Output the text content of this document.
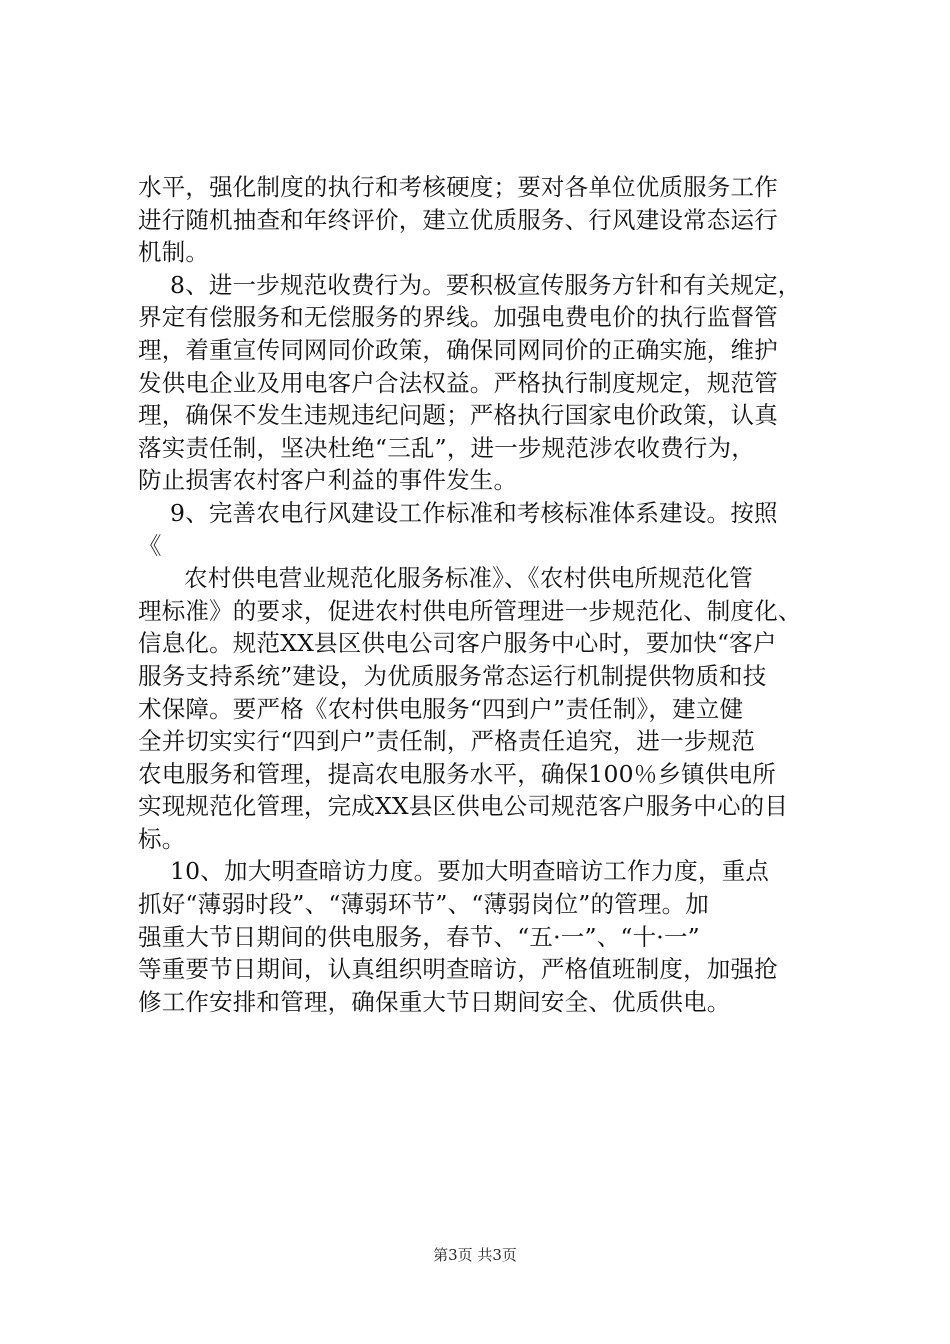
水平，强化制度的执行和考核硬度；要对各单位优质服务工作
进行随机抽查和年终评价，建立优质服务、行风建设常态运行
机制。
8、进一步规范收费行为。要积极宣传服务方针和有关规定，
界定有偿服务和无偿服务的界线。加强电费电价的执行监督管
理，着重宣传同网同价政策，确保同网同价的正确实施，维护
发供电企业及用电客户合法权益。严格执行制度规定，规范管
理，确保不发生违规违纪问题；严格执行国家电价政策，认真
落实责任制，坚决杜绝“三乱”，进一步规范涉农收费行为，
防止损害农村客户利益的事件发生。
9、完善农电行风建设工作标准和考核标准体系建设。按照
《
农村供电营业规范化服务标准》、《农村供电所规范化管
理标准》的要求，促进农村供电所管理进一步规范化、制度化、
信息化。规范XX县区供电公司客户服务中心时，要加快“客户
服务支持系统”建设，为优质服务常态运行机制提供物质和技
术保障。要严格《农村供电服务“四到户”责任制》，建立健
全并切实实行“四到户”责任制，严格责任追究，进一步规范
农电服务和管理，提高农电服务水平，确保100％乡镇供电所
实现规范化管理，完成XX县区供电公司规范客户服务中心的目
标。
10、加大明查暗访力度。要加大明查暗访工作力度，重点
抓好“薄弱时段”、“薄弱环节”、“薄弱岗位”的管理。加
强重大节日期间的供电服务，春节、“五·一”、“十·一”
等重要节日期间，认真组织明查暗访，严格值班制度，加强抢
修工作安排和管理，确保重大节日期间安全、优质供电。
第3页 共3页
